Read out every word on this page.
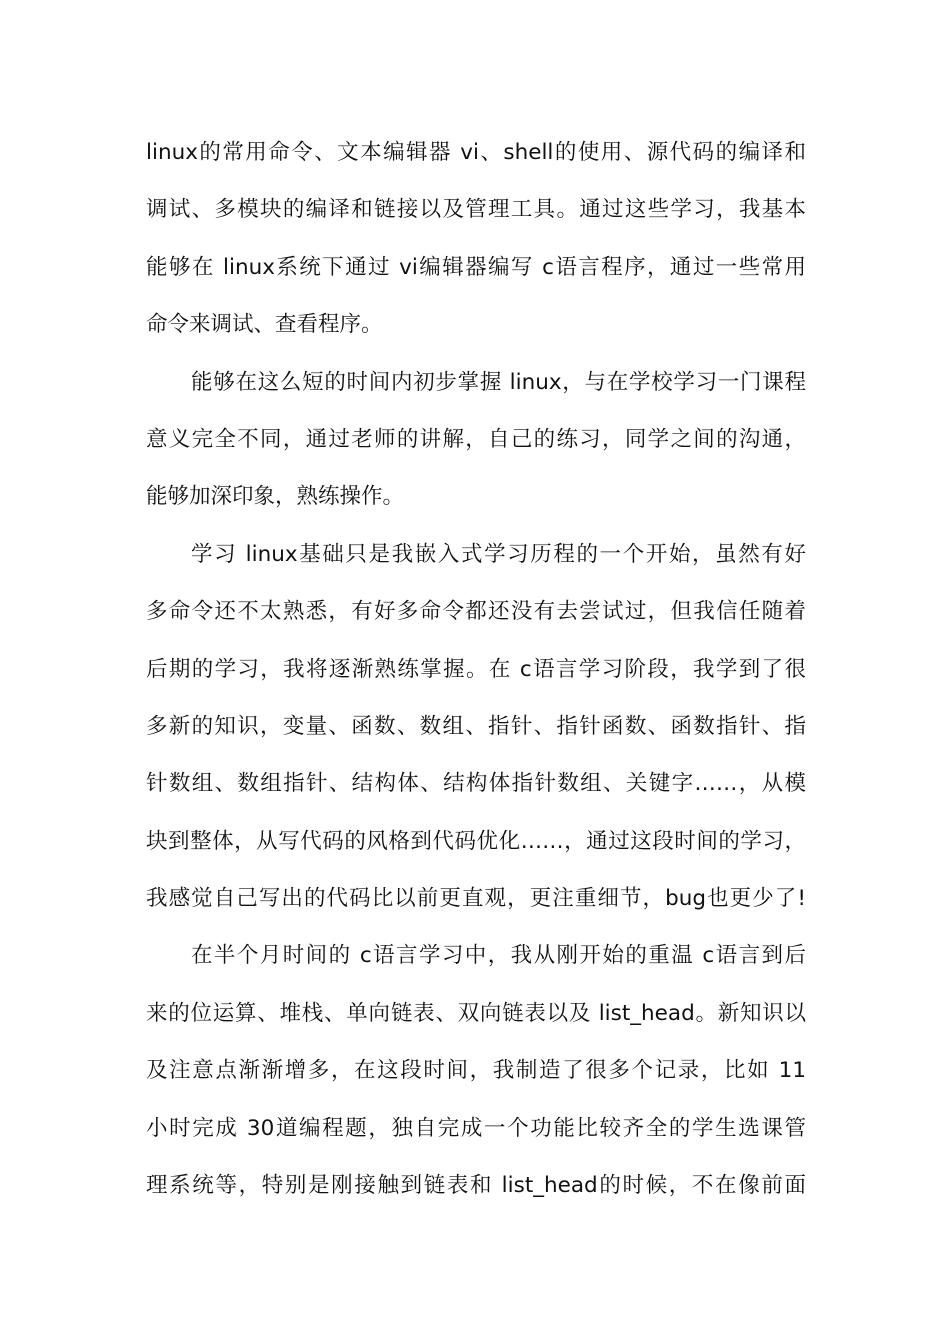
linux的常用命令、文本编辑器 vi、shell的使用、源代码的编译和
调试、多模块的编译和链接以及管理工具。通过这些学习，我基本
能够在 linux系统下通过 vi编辑器编写 c语言程序，通过一些常用
命令来调试、查看程序。
能够在这么短的时间内初步掌握 linux，与在学校学习一门课程
意义完全不同，通过老师的讲解，自己的练习，同学之间的沟通，
能够加深印象，熟练操作。
学习 linux基础只是我嵌入式学习历程的一个开始，虽然有好
多命令还不太熟悉，有好多命令都还没有去尝试过，但我信任随着
后期的学习，我将逐渐熟练掌握。在 c语言学习阶段，我学到了很
多新的知识，变量、函数、数组、指针、指针函数、函数指针、指
针数组、数组指针、结构体、结构体指针数组、关键字……，从模
块到整体，从写代码的风格到代码优化……，通过这段时间的学习，
我感觉自己写出的代码比以前更直观，更注重细节，bug也更少了!
在半个月时间的 c语言学习中，我从刚开始的重温 c语言到后
来的位运算、堆栈、单向链表、双向链表以及 list_head。新知识以
及注意点渐渐增多，在这段时间，我制造了很多个记录，比如 11
小时完成 30道编程题，独自完成一个功能比较齐全的学生选课管
理系统等，特别是刚接触到链表和 list_head的时候，不在像前面
